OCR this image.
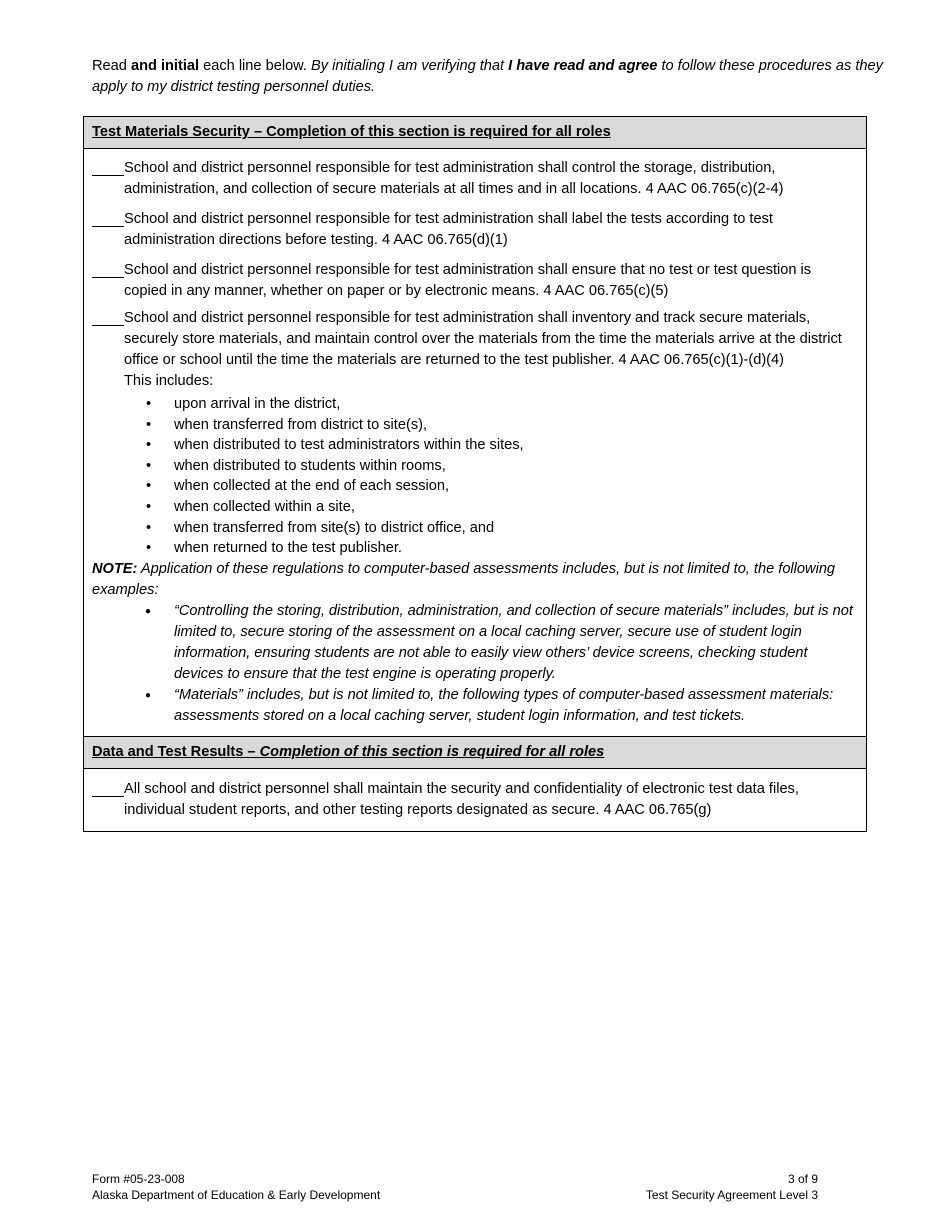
Read and initial each line below. By initialing I am verifying that I have read and agree to follow these procedures as they apply to my district testing personnel duties.
Test Materials Security – Completion of this section is required for all roles

School and district personnel responsible for test administration shall control the storage, distribution, administration, and collection of secure materials at all times and in all locations. 4 AAC 06.765(c)(2-4)
School and district personnel responsible for test administration shall label the tests according to test administration directions before testing. 4 AAC 06.765(d)(1)
School and district personnel responsible for test administration shall ensure that no test or test question is copied in any manner, whether on paper or by electronic means. 4 AAC 06.765(c)(5)
School and district personnel responsible for test administration shall inventory and track secure materials, securely store materials, and maintain control over the materials from the time the materials arrive at the district office or school until the time the materials are returned to the test publisher. 4 AAC 06.765(c)(1)-(d)(4)
This includes:
• upon arrival in the district,
• when transferred from district to site(s),
• when distributed to test administrators within the sites,
• when distributed to students within rooms,
• when collected at the end of each session,
• when collected within a site,
• when transferred from site(s) to district office, and
• when returned to the test publisher.
NOTE: Application of these regulations to computer-based assessments includes, but is not limited to, the following examples:
● “Controlling the storing, distribution, administration, and collection of secure materials” includes, but is not limited to, secure storing of the assessment on a local caching server, secure use of student login information, ensuring students are not able to easily view others’ device screens, checking student devices to ensure that the test engine is operating properly.
● “Materials” includes, but is not limited to, the following types of computer-based assessment materials: assessments stored on a local caching server, student login information, and test tickets.

Data and Test Results – Completion of this section is required for all roles

All school and district personnel shall maintain the security and confidentiality of electronic test data files, individual student reports, and other testing reports designated as secure. 4 AAC 06.765(g)
Form #05-23-008
Alaska Department of Education & Early Development
3 of 9
Test Security Agreement Level 3
